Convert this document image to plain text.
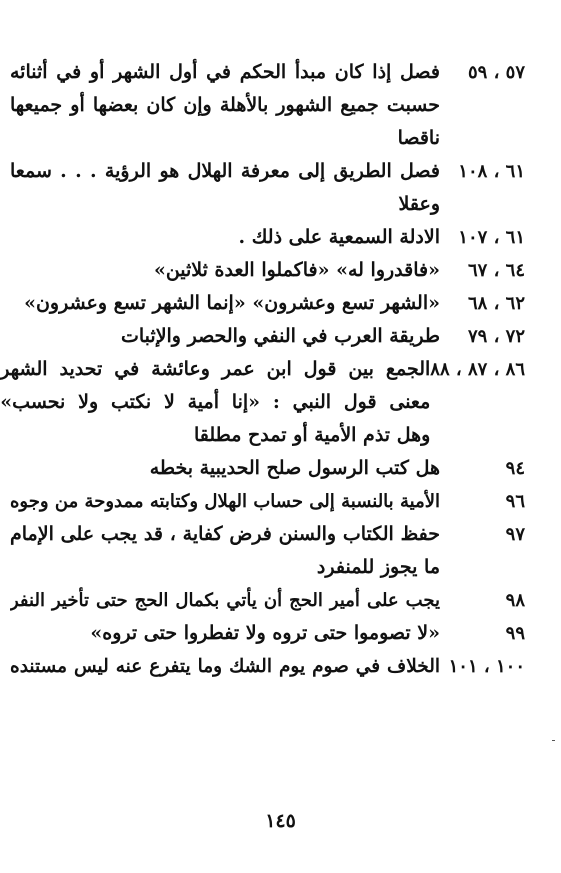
٥٧ ، ٥٩
فصل إذا كان مبدأ الحكم في أول الشهر أو في أثنائه
حسبت جميع الشهور بالأهلة وإن كان بعضها أو جميعها
ناقصا
٦١ ، ١٠٨
فصل الطريق إلى معرفة الهلال هو الرؤية . . . سمعا
وعقلا
٦١ ، ١٠٧
الادلة السمعية على ذلك .
٦٤ ، ٦٧
«فاقدروا له» «فاكملوا العدة ثلاثين»
٦٢ ، ٦٨
«الشهر تسع وعشرون» «إنما الشهر تسع وعشرون»
٧٢ ، ٧٩
طريقة العرب في النفي والحصر والإثبات
٨٦ ، ٨٧ ، ٨٨
الجمع بين قول ابن عمر وعائشة في تحديد الشهر
معنى قول النبي : «إنا أمية لا نكتب ولا نحسب»
وهل تذم الأمية أو تمدح مطلقا
٩٤
هل كتب الرسول صلح الحديبية بخطه
٩٦
الأمية بالنسبة إلى حساب الهلال وكتابته ممدوحة من وجوه
٩٧
حفظ الكتاب والسنن فرض كفاية ، قد يجب على الإمام
ما يجوز للمنفرد
٩٨
يجب على أمير الحج أن يأتي بكمال الحج حتى تأخير النفر
٩٩
«لا تصوموا حتى تروه ولا تفطروا حتى تروه»
١٠٠ ، ١٠١
الخلاف في صوم يوم الشك وما يتفرع عنه ليس مستنده
١٤٥
